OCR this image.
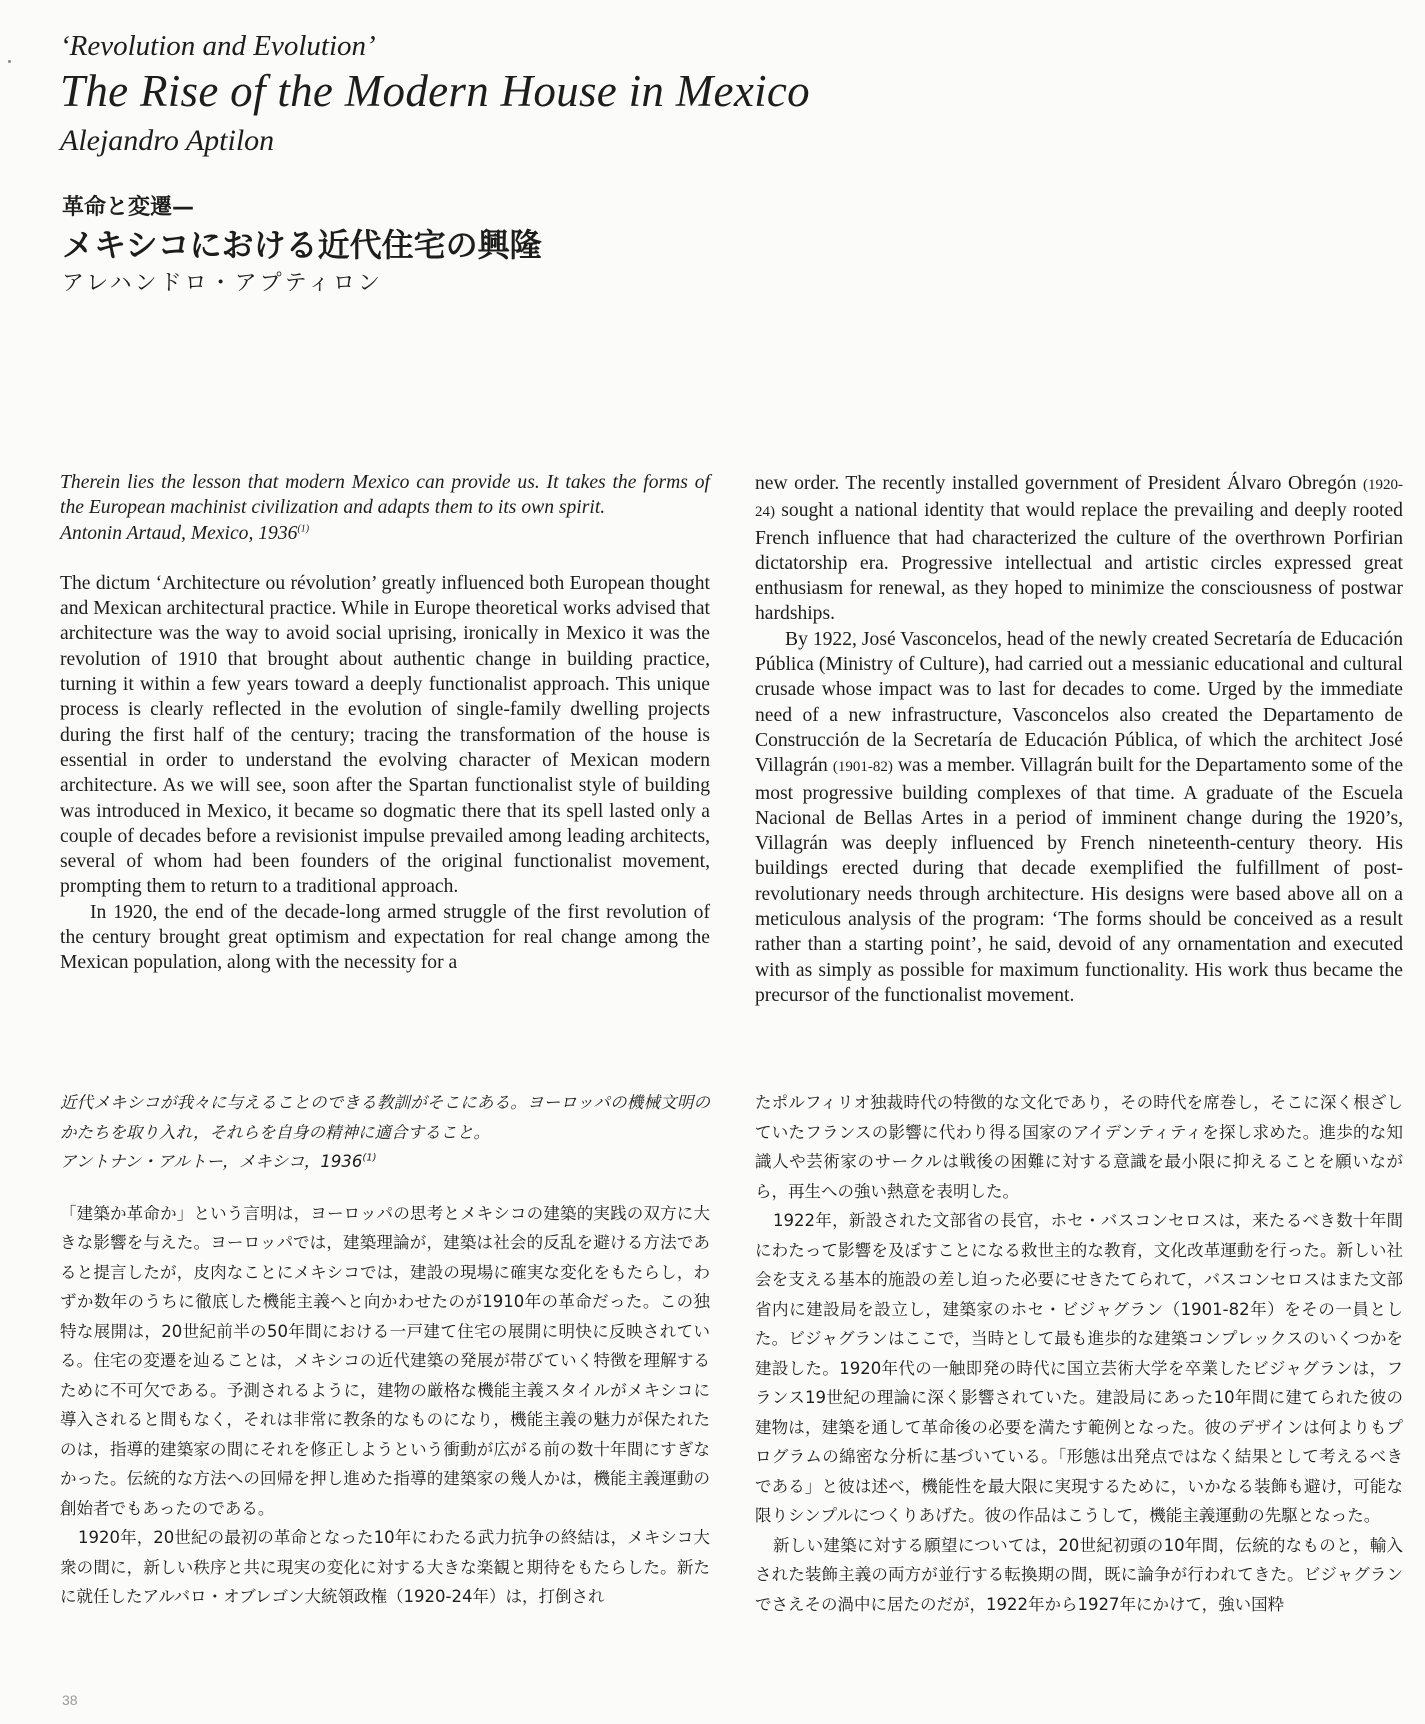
‘Revolution and Evolution’
The Rise of the Modern House in Mexico
Alejandro Aptilon
革命と変遷—
メキシコにおける近代住宅の興隆
アレハンドロ・アプティロン

Therein lies the lesson that modern Mexico can provide us. It takes the forms of the European machinist civilization and adapts them to its own spirit.

Antonin Artaud, Mexico, 1936$^{(1)}$

The dictum ‘Architecture ou révolution’ greatly influenced both European thought and Mexican architectural practice. While in Europe theoretical works advised that architecture was the way to avoid social uprising, ironically in Mexico it was the revolution of 1910 that brought about authentic change in building practice, turning it within a few years toward a deeply functionalist approach. This unique process is clearly reflected in the evolution of single-family dwelling projects during the first half of the century; tracing the transformation of the house is essential in order to understand the evolving character of Mexican modern architecture. As we will see, soon after the Spartan functionalist style of building was introduced in Mexico, it became so dogmatic there that its spell lasted only a couple of decades before a revisionist impulse prevailed among leading architects, several of whom had been founders of the original functionalist movement, prompting them to return to a traditional approach.

In 1920, the end of the decade-long armed struggle of the first revolution of the century brought great optimism and expectation for real change among the Mexican population, along with the necessity for a

new order. The recently installed government of President Álvaro Obregón (1920-24) sought a national identity that would replace the prevailing and deeply rooted French influence that had characterized the culture of the overthrown Porfirian dictatorship era. Progressive intellectual and artistic circles expressed great enthusiasm for renewal, as they hoped to minimize the consciousness of postwar hardships.

By 1922, José Vasconcelos, head of the newly created Secretaría de Educación Pública (Ministry of Culture), had carried out a messianic educational and cultural crusade whose impact was to last for decades to come. Urged by the immediate need of a new infrastructure, Vasconcelos also created the Departamento de Construcción de la Secretaría de Educación Pública, of which the architect José Villagrán (1901-82) was a member. Villagrán built for the Departamento some of the most progressive building complexes of that time. A graduate of the Escuela Nacional de Bellas Artes in a period of imminent change during the 1920’s, Villagrán was deeply influenced by French nineteenth-century theory. His buildings erected during that decade exemplified the fulfillment of post-revolutionary needs through architecture. His designs were based above all on a meticulous analysis of the program: ‘The forms should be conceived as a result rather than a starting point’, he said, devoid of any ornamentation and executed with as simply as possible for maximum functionality. His work thus became the precursor of the functionalist movement.

近代メキシコが我々に与えることのできる教訓がそこにある。ヨーロッパの機械文明のかたちを取り入れ，それらを自身の精神に適合すること。

アントナン・アルトー，メキシコ，1936$^{(1)}$

「建築か革命か」という言明は，ヨーロッパの思考とメキシコの建築的実践の双方に大きな影響を与えた。ヨーロッパでは，建築理論が，建築は社会的反乱を避ける方法であると提言したが，皮肉なことにメキシコでは，建設の現場に確実な変化をもたらし，わずか数年のうちに徹底した機能主義へと向かわせたのが1910年の革命だった。この独特な展開は，20世紀前半の50年間における一戸建て住宅の展開に明快に反映されている。住宅の変遷を辿ることは，メキシコの近代建築の発展が帯びていく特徴を理解するために不可欠である。予測されるように，建物の厳格な機能主義スタイルがメキシコに導入されると間もなく，それは非常に教条的なものになり，機能主義の魅力が保たれたのは，指導的建築家の間にそれを修正しようという衝動が広がる前の数十年間にすぎなかった。伝統的な方法への回帰を押し進めた指導的建築家の幾人かは，機能主義運動の創始者でもあったのである。

1920年，20世紀の最初の革命となった10年にわたる武力抗争の終結は，メキシコ大衆の間に，新しい秩序と共に現実の変化に対する大きな楽観と期待をもたらした。新たに就任したアルバロ・オブレゴン大統領政権（1920-24年）は，打倒され

たポルフィリオ独裁時代の特徴的な文化であり，その時代を席巻し，そこに深く根ざしていたフランスの影響に代わり得る国家のアイデンティティを探し求めた。進歩的な知識人や芸術家のサークルは戦後の困難に対する意識を最小限に抑えることを願いながら，再生への強い熱意を表明した。

1922年，新設された文部省の長官，ホセ・バスコンセロスは，来たるべき数十年間にわたって影響を及ぼすことになる救世主的な教育，文化改革運動を行った。新しい社会を支える基本的施設の差し迫った必要にせきたてられて，バスコンセロスはまた文部省内に建設局を設立し，建築家のホセ・ビジャグラン（1901-82年）をその一員とした。ビジャグランはここで，当時として最も進歩的な建築コンプレックスのいくつかを建設した。1920年代の一触即発の時代に国立芸術大学を卒業したビジャグランは，フランス19世紀の理論に深く影響されていた。建設局にあった10年間に建てられた彼の建物は，建築を通して革命後の必要を満たす範例となった。彼のデザインは何よりもプログラムの綿密な分析に基づいている。「形態は出発点ではなく結果として考えるべきである」と彼は述べ，機能性を最大限に実現するために，いかなる装飾も避け，可能な限りシンプルにつくりあげた。彼の作品はこうして，機能主義運動の先駆となった。

新しい建築に対する願望については，20世紀初頭の10年間，伝統的なものと，輸入された装飾主義の両方が並行する転換期の間，既に論争が行われてきた。ビジャグランでさえその渦中に居たのだが，1922年から1927年にかけて，強い国粋

38
